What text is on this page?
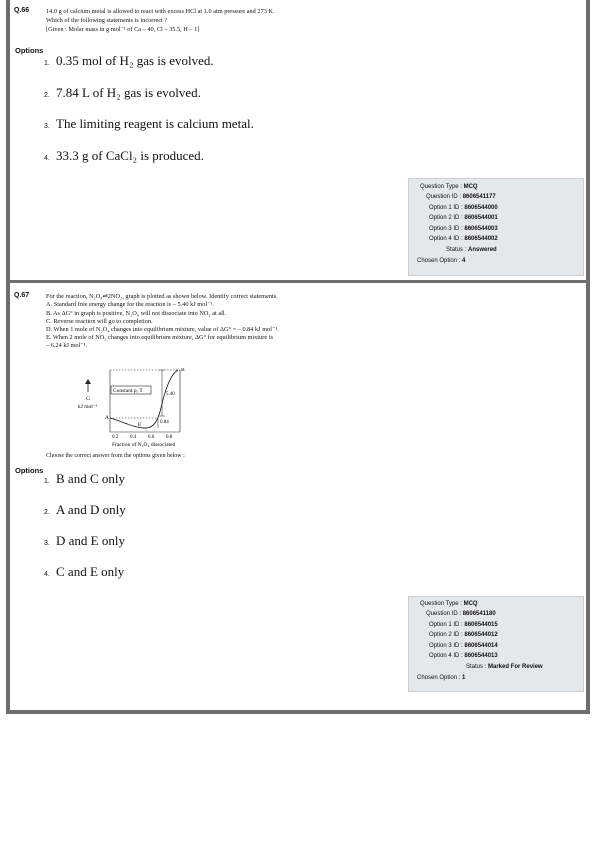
Q.66	14.0 g of calcium metal is allowed to react with excess HCl at 1.0 atm pressure and 273 K.
Which of the following statements is incorrect ?
[Given : Molar mass in g mol⁻¹ of Ca – 40, Cl – 35.5, H – 1]
Options
1. 0.35 mol of H₂ gas is evolved.
2. 7.84 L of H₂ gas is evolved.
3. The limiting reagent is calcium metal.
4. 33.3 g of CaCl₂ is produced.
Question Type : MCQ
Question ID : 8606541177
Option 1 ID : 8606544000
Option 2 ID : 8606544001
Option 3 ID : 8606544003
Option 4 ID : 8606544002
Status : Answered
Chosen Option : 4
Q.67	For the reaction, N₂O₄⇌2NO₂, graph is plotted as shown below. Identify correct statements.
A. Standard free energy change for the reaction is – 5.40 kJ mol⁻¹.
B. As ΔG° in graph is positive, N₂O₄ will not dissociate into NO₂ at all.
C. Reverse reaction will go to completion.
D. When 1 mole of N₂O₄ changes into equilibrium mixture, value of ΔG° = – 0.84 kJ mol⁻¹.
E. When 2 mole of NO₂ changes into equilibrium mixture, ΔG° for equilibrium mixture is
– 6.24 kJ mol⁻¹.
Constant p, T
G
kJ mol⁻¹
A
B
E
5.40
0.84
0.2 0.4 0.6 0.8
Fraction of N₂O₄ dissociated
Choose the correct answer from the options given below :
Options
1. B and C only
2. A and D only
3. D and E only
4. C and E only
Question Type : MCQ
Question ID : 8606541180
Option 1 ID : 8606544015
Option 2 ID : 8606544012
Option 3 ID : 8606544014
Option 4 ID : 8606544013
Status : Marked For Review
Chosen Option : 1
